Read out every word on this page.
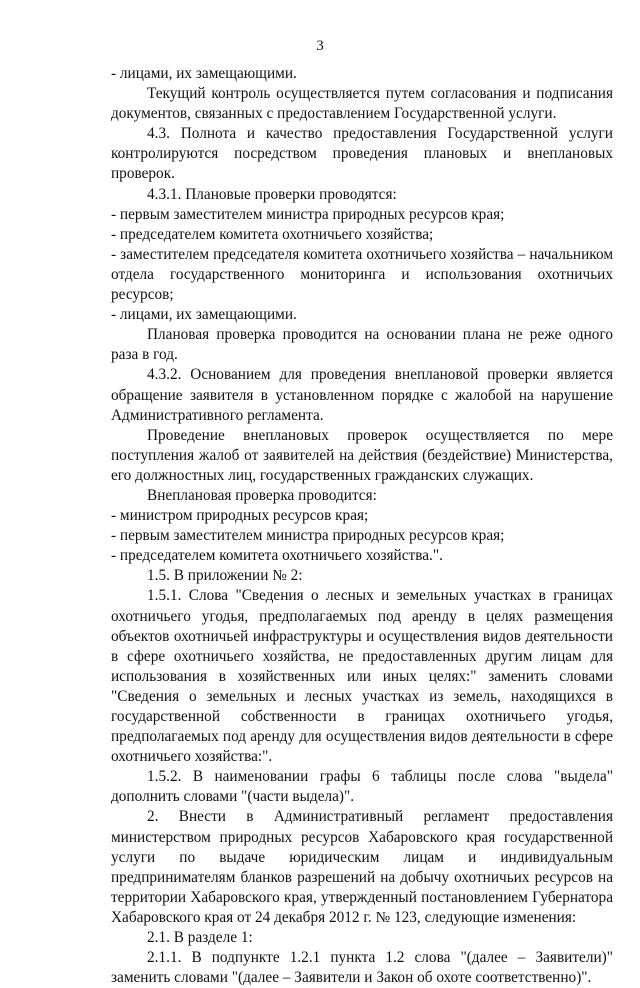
3

- лицами, их замещающими.

Текущий контроль осуществляется путем согласования и подписания документов, связанных с предоставлением Государственной услуги.

4.3. Полнота и качество предоставления Государственной услуги контролируются посредством проведения плановых и внеплановых проверок.

4.3.1. Плановые проверки проводятся:

- первым заместителем министра природных ресурсов края;

- председателем комитета охотничьего хозяйства;

- заместителем председателя комитета охотничьего хозяйства – начальником отдела государственного мониторинга и использования охотничьих ресурсов;

- лицами, их замещающими.

Плановая проверка проводится на основании плана не реже одного раза в год.

4.3.2. Основанием для проведения внеплановой проверки является обращение заявителя в установленном порядке с жалобой на нарушение Административного регламента.

Проведение внеплановых проверок осуществляется по мере поступления жалоб от заявителей на действия (бездействие) Министерства, его должностных лиц, государственных гражданских служащих.

Внеплановая проверка проводится:

- министром природных ресурсов края;

- первым заместителем министра природных ресурсов края;

- председателем комитета охотничьего хозяйства.".

1.5. В приложении № 2:

1.5.1. Слова "Сведения о лесных и земельных участках в границах охотничьего угодья, предполагаемых под аренду в целях размещения объектов охотничьей инфраструктуры и осуществления видов деятельности в сфере охотничьего хозяйства, не предоставленных другим лицам для использования в хозяйственных или иных целях:" заменить словами "Сведения о земельных и лесных участках из земель, находящихся в государственной собственности в границах охотничьего угодья, предполагаемых под аренду для осуществления видов деятельности в сфере охотничьего хозяйства:".

1.5.2. В наименовании графы 6 таблицы после слова "выдела" дополнить словами "(части выдела)".

2. Внести в Административный регламент предоставления министерством природных ресурсов Хабаровского края государственной услуги по выдаче юридическим лицам и индивидуальным предпринимателям бланков разрешений на добычу охотничьих ресурсов на территории Хабаровского края, утвержденный постановлением Губернатора Хабаровского края от 24 декабря 2012 г. № 123, следующие изменения:

2.1. В разделе 1:

2.1.1. В подпункте 1.2.1 пункта 1.2 слова "(далее – Заявители)" заменить словами "(далее – Заявители и Закон об охоте соответственно)".
